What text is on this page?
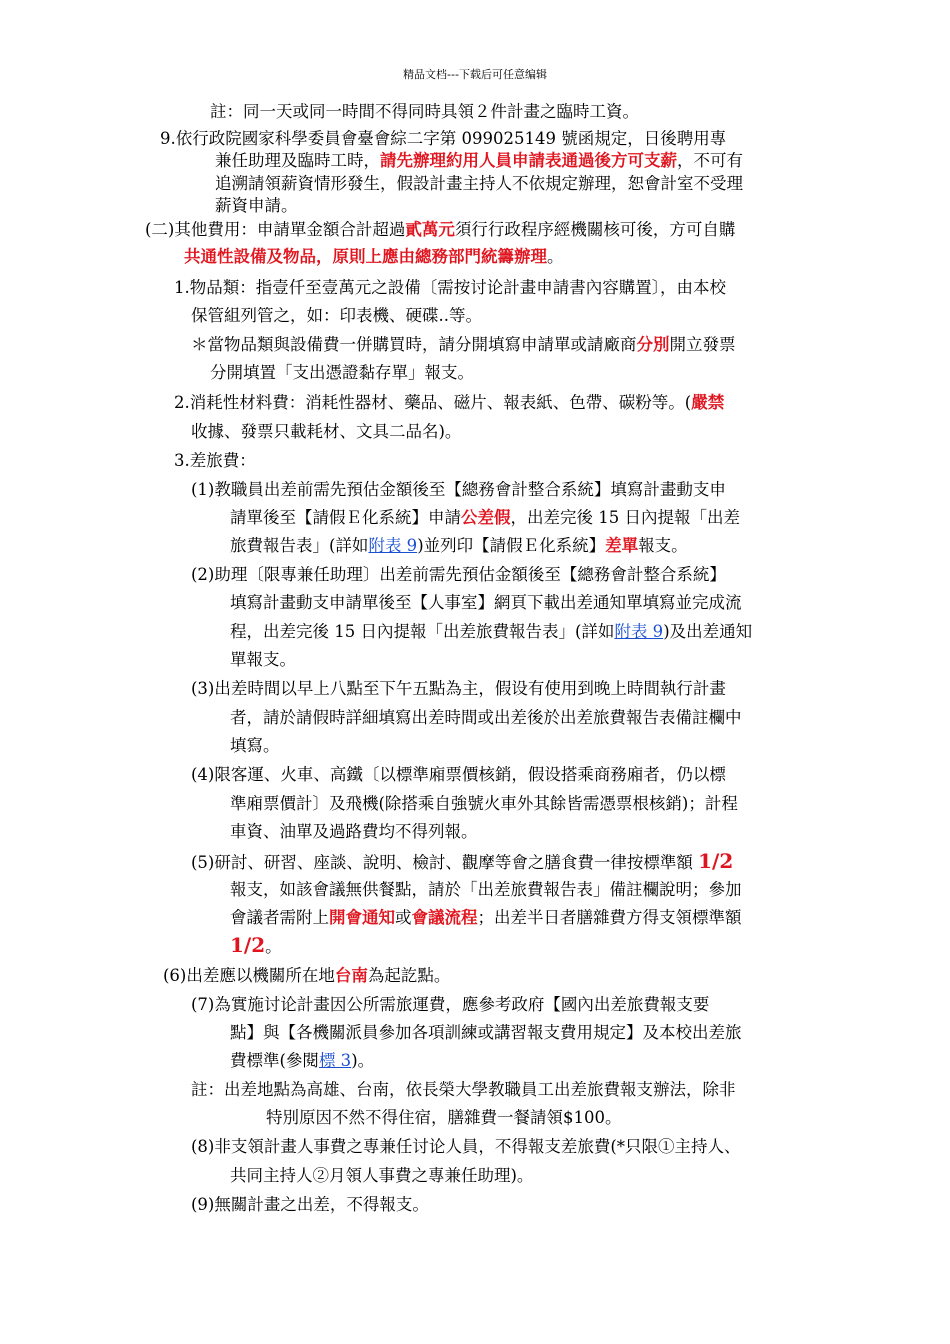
精品文档---下载后可任意编辑
註：同一天或同一時間不得同時具領２件計畫之臨時工資。
9.依行政院國家科學委員會臺會綜二字第 099025149 號函規定，日後聘用專
兼任助理及臨時工時，請先辦理約用人員申請表通過後方可支薪，不可有
追溯請領薪資情形發生，假設計畫主持人不依規定辦理，恕會計室不受理
薪資申請。
(二)其他費用：申請單金額合計超過貳萬元須行行政程序經機關核可後，方可自購
共通性設備及物品，原則上應由總務部門統籌辦理。
1.物品類：指壹仟至壹萬元之設備〔需按讨论計畫申請書內容購置〕，由本校
保管組列管之，如：印表機、硬碟..等。
＊當物品類與設備費一併購買時，請分開填寫申請單或請廠商分別開立發票
分開填置「支出憑證黏存單」報支。
2.消耗性材料費：消耗性器材、藥品、磁片、報表紙、色帶、碳粉等。(嚴禁
收據、發票只載耗材、文具二品名)。
3.差旅費：
(1)教職員出差前需先預估金額後至【總務會計整合系統】填寫計畫動支申
請單後至【請假Ｅ化系統】申請公差假，出差完後 15 日內提報「出差
旅費報告表」(詳如附表 9)並列印【請假Ｅ化系統】差單報支。
(2)助理〔限專兼任助理〕出差前需先預估金額後至【總務會計整合系統】
填寫計畫動支申請單後至【人事室】網頁下載出差通知單填寫並完成流
程，出差完後 15 日內提報「出差旅費報告表」(詳如附表 9)及出差通知
單報支。
(3)出差時間以早上八點至下午五點為主，假设有使用到晚上時間執行計畫
者，請於請假時詳細填寫出差時間或出差後於出差旅費報告表備註欄中
填寫。
(4)限客運、火車、高鐵〔以標準廂票價核銷，假设搭乘商務廂者，仍以標
準廂票價計〕及飛機(除搭乘自強號火車外其餘皆需憑票根核銷)；計程
車資、油單及過路費均不得列報。
(5)研討、研習、座談、說明、檢討、觀摩等會之膳食費一律按標準額 1/2
報支，如該會議無供餐點，請於「出差旅費報告表」備註欄說明；參加
會議者需附上開會通知或會議流程；出差半日者膳雜費方得支領標準額
1/2。
(6)出差應以機關所在地台南為起訖點。
(7)為實施讨论計畫因公所需旅運費，應參考政府【國內出差旅費報支要
點】與【各機關派員參加各項訓練或講習報支費用規定】及本校出差旅
費標準(參閱標 3)。
註：出差地點為高雄、台南，依長榮大學教職員工出差旅費報支辦法，除非
特別原因不然不得住宿，膳雜費一餐請領$100。
(8)非支領計畫人事費之專兼任讨论人員，不得報支差旅費(*只限①主持人、
共同主持人②月領人事費之專兼任助理)。
(9)無關計畫之出差，不得報支。
